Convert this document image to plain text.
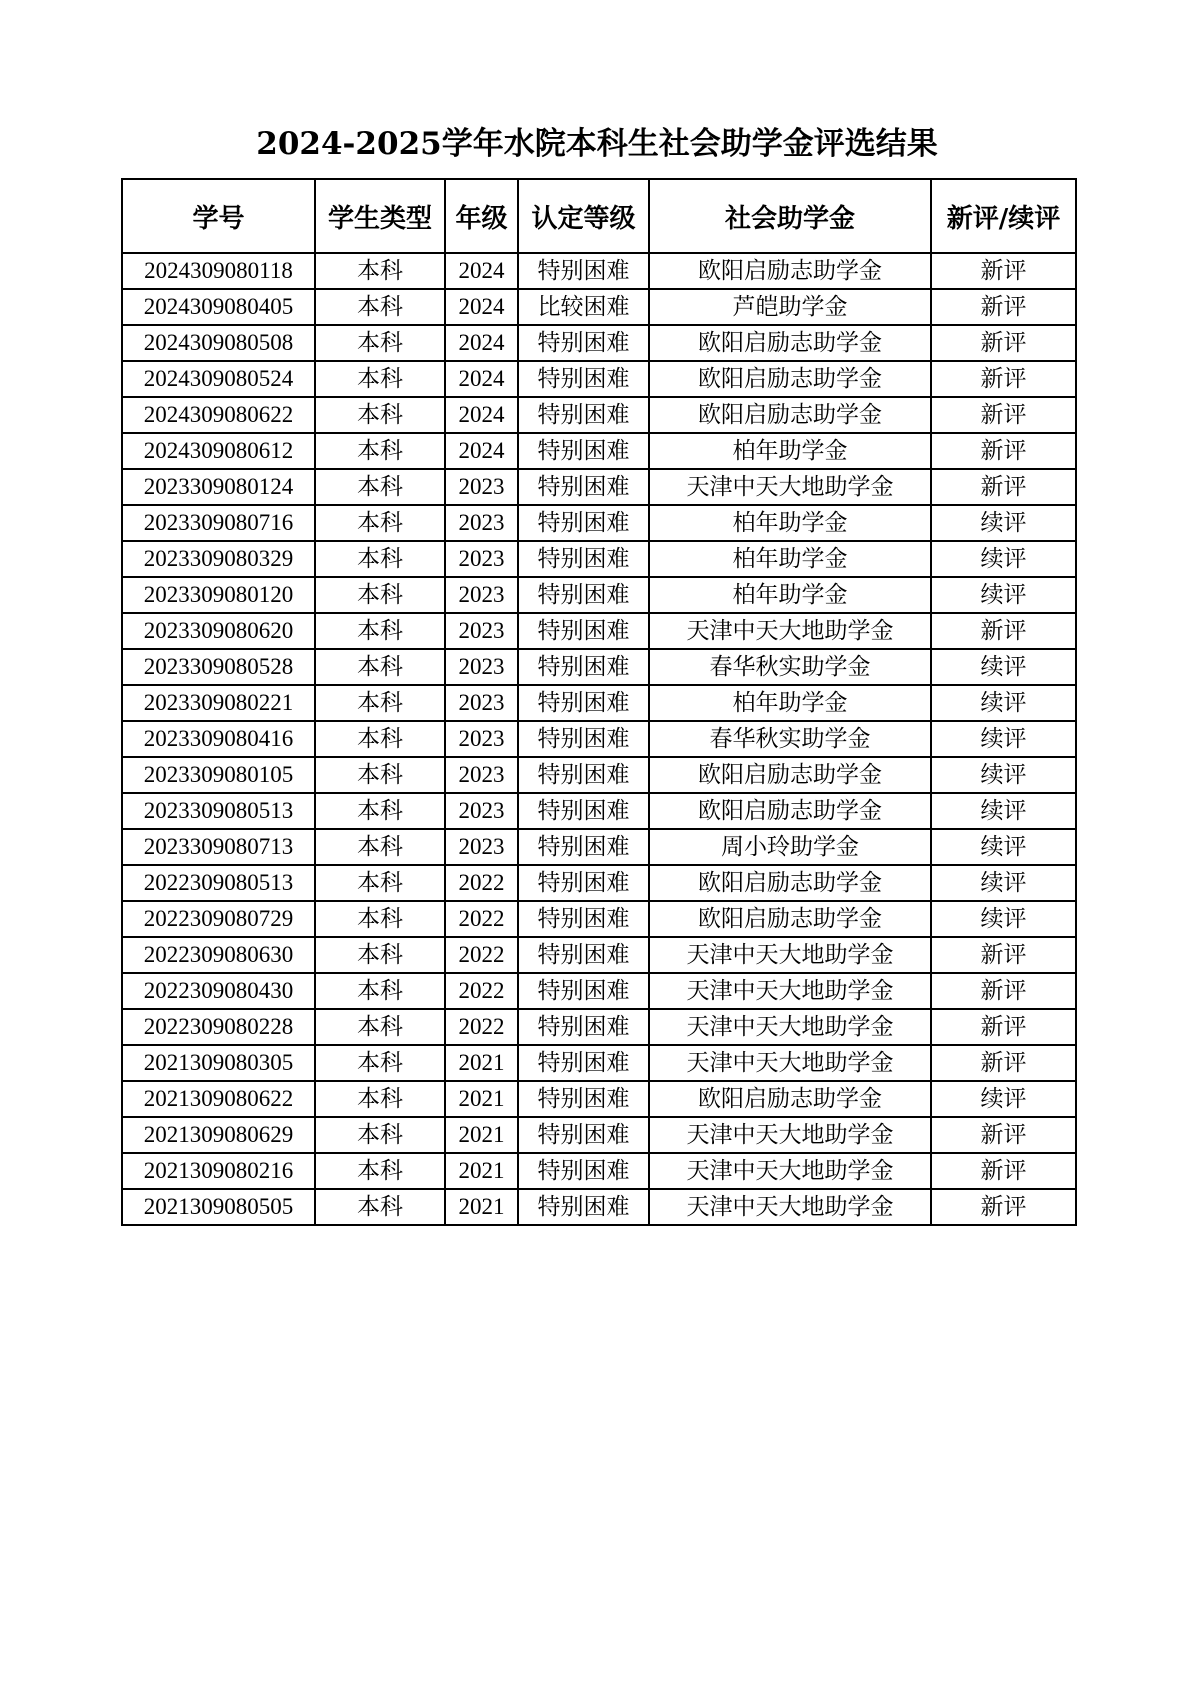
2024-2025学年水院本科生社会助学金评选结果
学号	学生类型	年级	认定等级	社会助学金	新评/续评
2024309080118	本科	2024	特别困难	欧阳启励志助学金	新评
2024309080405	本科	2024	比较困难	芦皑助学金	新评
2024309080508	本科	2024	特别困难	欧阳启励志助学金	新评
2024309080524	本科	2024	特别困难	欧阳启励志助学金	新评
2024309080622	本科	2024	特别困难	欧阳启励志助学金	新评
2024309080612	本科	2024	特别困难	柏年助学金	新评
2023309080124	本科	2023	特别困难	天津中天大地助学金	新评
2023309080716	本科	2023	特别困难	柏年助学金	续评
2023309080329	本科	2023	特别困难	柏年助学金	续评
2023309080120	本科	2023	特别困难	柏年助学金	续评
2023309080620	本科	2023	特别困难	天津中天大地助学金	新评
2023309080528	本科	2023	特别困难	春华秋实助学金	续评
2023309080221	本科	2023	特别困难	柏年助学金	续评
2023309080416	本科	2023	特别困难	春华秋实助学金	续评
2023309080105	本科	2023	特别困难	欧阳启励志助学金	续评
2023309080513	本科	2023	特别困难	欧阳启励志助学金	续评
2023309080713	本科	2023	特别困难	周小玲助学金	续评
2022309080513	本科	2022	特别困难	欧阳启励志助学金	续评
2022309080729	本科	2022	特别困难	欧阳启励志助学金	续评
2022309080630	本科	2022	特别困难	天津中天大地助学金	新评
2022309080430	本科	2022	特别困难	天津中天大地助学金	新评
2022309080228	本科	2022	特别困难	天津中天大地助学金	新评
2021309080305	本科	2021	特别困难	天津中天大地助学金	新评
2021309080622	本科	2021	特别困难	欧阳启励志助学金	续评
2021309080629	本科	2021	特别困难	天津中天大地助学金	新评
2021309080216	本科	2021	特别困难	天津中天大地助学金	新评
2021309080505	本科	2021	特别困难	天津中天大地助学金	新评
